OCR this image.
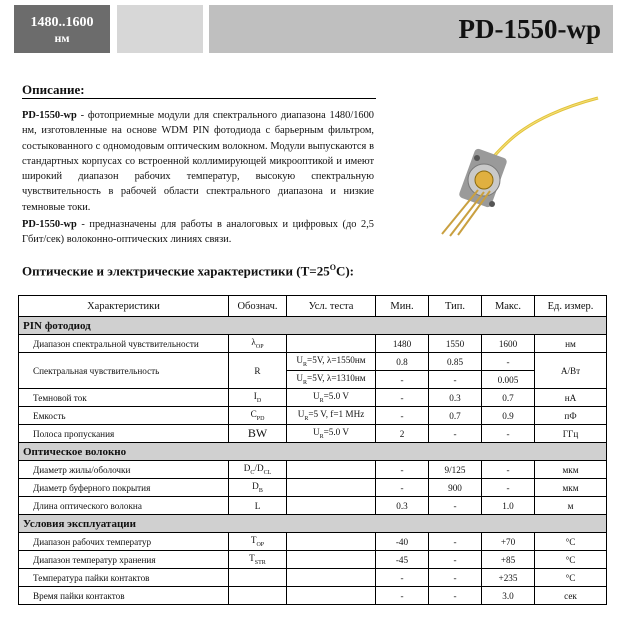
1480..1600
нм	PD-1550-wp
Описание:

PD-1550-wp - фотоприемные модули для спектрального диапазона 1480/1600 нм, изготовленные на основе WDM PIN фотодиода с барьерным фильтром, состыкованного с одномодовым оптическим волокном. Модули выпускаются в стандартных корпусах со встроенной коллимирующей микрооптикой и имеют широкий диапазон рабочих температур, высокую спектральную чувствительность в рабочей области спектрального диапазона и низкие темновые токи.

PD-1550-wp - предназначены для работы в аналоговых и цифровых (до 2,5 Гбит/сек) волоконно-оптических линиях связи.

Оптические и электрические характеристики $(T=25^OC)$:
Характеристики	Обознач.	Усл. теста	Мин.	Тип.	Макс.	Ед. измер.
PIN фотодиод						
Диапазон спектральной чувствительности	$\lambda_{OP}$		1480	1550	1600	нм
Спектральная чувствительность	R	$U_R=5V$, λ=1550нм	0.8	0.85	-	А/Вт
		$U_R=5V$, λ=1310нм	-	-	0.005	
Темновой ток	$I_D$	$U_R=5.0$ V	-	0.3	0.7	нА
Емкость	$C_{PD}$	$U_R=5$ V, f=1 MHz	-	0.7	0.9	пФ
Полоса пропускания	BW	$U_R=5.0$ V	2	-	-	ГГц
Оптическое волокно						
Диаметр жилы/оболочки	$D_C/D_{CL}$		-	9/125	-	мкм
Диаметр буферного покрытия	$D_B$		-	900	-	мкм
Длина оптического волокна	L		0.3	-	1.0	м
Условия эксплуатации						
Диапазон рабочих температур	$T_{OP}$		-40	-	+70	°C
Диапазон температур хранения	$T_{STR}$		-45	-	+85	°C
Температура пайки контактов			-	-	+235	°C
Время пайки контактов			-	-	3.0	сек
